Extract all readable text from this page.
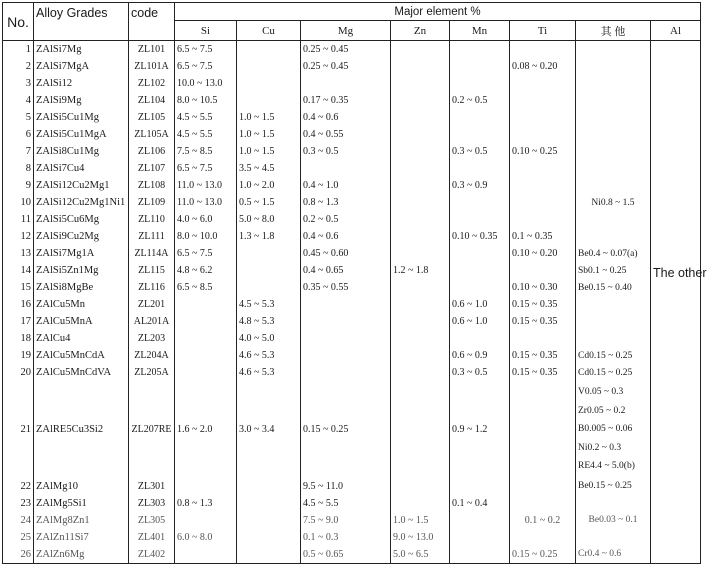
No.	Alloy Grades	code	Major element %							
			Si	Cu	Mg	Zn	Mn	Ti	其 他	Al
1	ZAlSi7Mg	ZL101	6.5 ~ 7.5		0.25 ~ 0.45					The other

2	ZAlSi7MgA	ZL101A	6.5 ~ 7.5		0.25 ~ 0.45			0.08 ~ 0.20		
3	ZAlSi12	ZL102	10.0 ~ 13.0							
4	ZAlSi9Mg	ZL104	8.0 ~ 10.5		0.17 ~ 0.35		0.2 ~ 0.5			
5	ZAlSi5Cu1Mg	ZL105	4.5 ~ 5.5	1.0 ~ 1.5	0.4 ~ 0.6					
6	ZAlSi5Cu1MgA	ZL105A	4.5 ~ 5.5	1.0 ~ 1.5	0.4 ~ 0.55					
7	ZAlSi8Cu1Mg	ZL106	7.5 ~ 8.5	1.0 ~ 1.5	0.3 ~ 0.5		0.3 ~ 0.5	0.10 ~ 0.25		
8	ZAlSi7Cu4	ZL107	6.5 ~ 7.5	3.5 ~ 4.5						
9	ZAlSi12Cu2Mg1	ZL108	11.0 ~ 13.0	1.0 ~ 2.0	0.4 ~ 1.0		0.3 ~ 0.9			
10	ZAlSi12Cu2Mg1Ni1	ZL109	11.0 ~ 13.0	0.5 ~ 1.5	0.8 ~ 1.3				Ni0.8 ~ 1.5	
11	ZAlSi5Cu6Mg	ZL110	4.0 ~ 6.0	5.0 ~ 8.0	0.2 ~ 0.5					
12	ZAlSi9Cu2Mg	ZL111	8.0 ~ 10.0	1.3 ~ 1.8	0.4 ~ 0.6		0.10 ~ 0.35	0.1 ~ 0.35		
13	ZAlSi7Mg1A	ZL114A	6.5 ~ 7.5		0.45 ~ 0.60			0.10 ~ 0.20	Be0.4 ~ 0.07(a)	
14	ZAlSi5Zn1Mg	ZL115	4.8 ~ 6.2		0.4 ~ 0.65	1.2 ~ 1.8			Sb0.1 ~ 0.25	
15	ZAlSi8MgBe	ZL116	6.5 ~ 8.5		0.35 ~ 0.55			0.10 ~ 0.30	Be0.15 ~ 0.40	
16	ZAlCu5Mn	ZL201		4.5 ~ 5.3			0.6 ~ 1.0	0.15 ~ 0.35		
17	ZAlCu5MnA	AL201A		4.8 ~ 5.3			0.6 ~ 1.0	0.15 ~ 0.35		
18	ZAlCu4	ZL203		4.0 ~ 5.0						
19	ZAlCu5MnCdA	ZL204A		4.6 ~ 5.3			0.6 ~ 0.9	0.15 ~ 0.35	Cd0.15 ~ 0.25	
20	ZAlCu5MnCdVA	ZL205A		4.6 ~ 5.3			0.3 ~ 0.5	0.15 ~ 0.35	Cd0.15 ~ 0.25	
21	ZAlRE5Cu3Si2	ZL207RE	1.6 ~ 2.0	3.0 ~ 3.4	0.15 ~ 0.25		0.9 ~ 1.2		V0.05 ~ 0.3
Zr0.05 ~ 0.2
B0.005 ~ 0.06
Ni0.2 ~ 0.3
RE4.4 ~ 5.0(b)	

22	ZAlMg10	ZL301			9.5 ~ 11.0				Be0.15 ~ 0.25	
23	ZAlMg5Si1	ZL303	0.8 ~ 1.3		4.5 ~ 5.5		0.1 ~ 0.4			
24	ZAlMg8Zn1	ZL305			7.5 ~ 9.0	1.0 ~ 1.5		0.1 ~ 0.2	Be0.03 ~ 0.1	
25	ZAlZn11Si7	ZL401	6.0 ~ 8.0		0.1 ~ 0.3	9.0 ~ 13.0				
26	ZAlZn6Mg	ZL402			0.5 ~ 0.65	5.0 ~ 6.5		0.15 ~ 0.25	Cr0.4 ~ 0.6	
